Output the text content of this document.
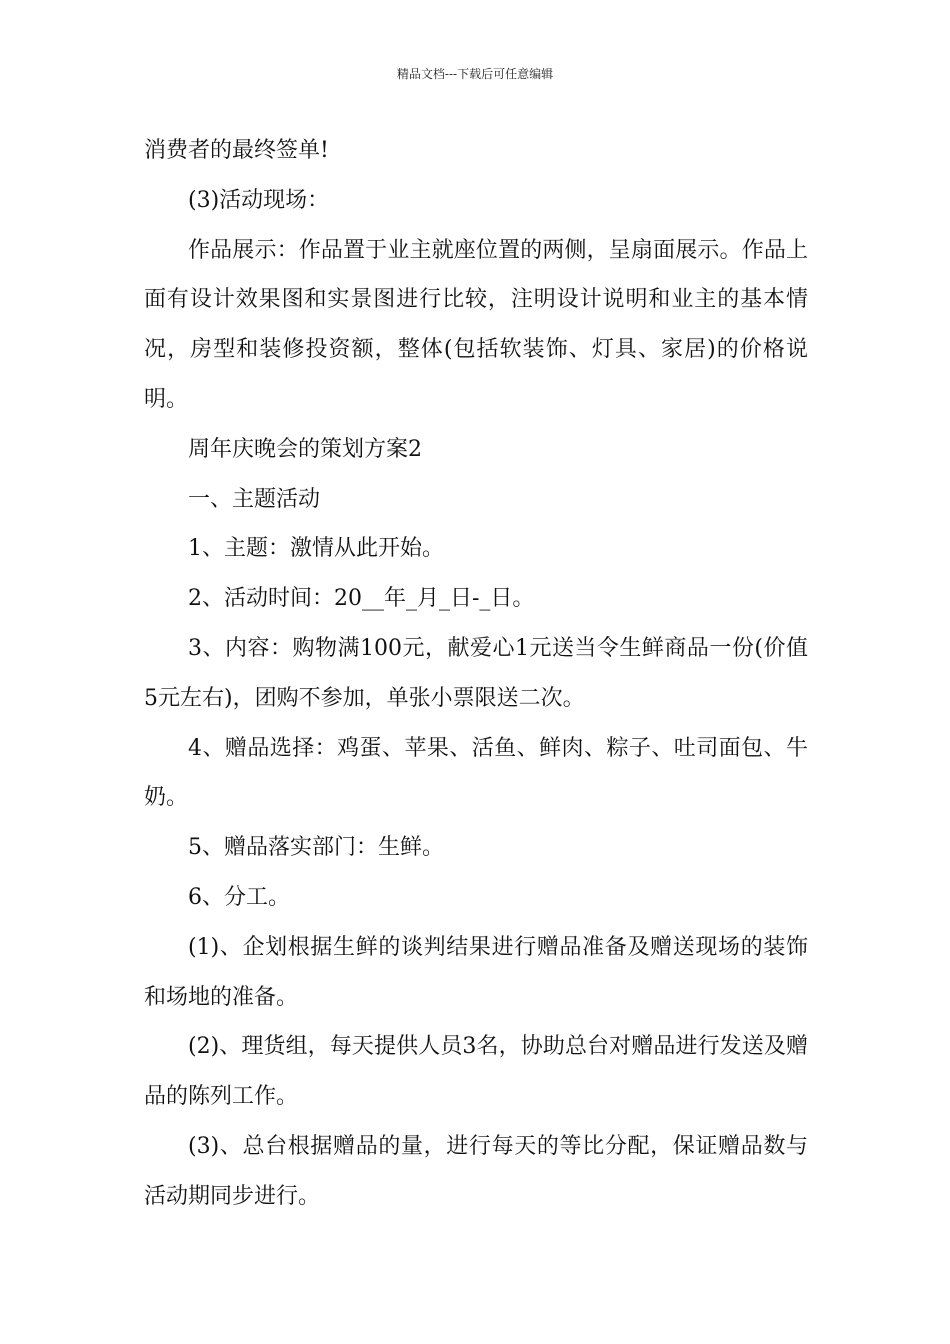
精品文档---下载后可任意编辑

消费者的最终签单!

(3)活动现场：

作品展示：作品置于业主就座位置的两侧，呈扇面展示。作品上面有设计效果图和实景图进行比较，注明设计说明和业主的基本情况，房型和装修投资额，整体(包括软装饰、灯具、家居)的价格说明。

周年庆晚会的策划方案2

一、主题活动

1、主题：激情从此开始。

2、活动时间：20__年_月_日-_日。

3、内容：购物满100元，献爱心1元送当令生鲜商品一份(价值5元左右)，团购不参加，单张小票限送二次。

4、赠品选择：鸡蛋、苹果、活鱼、鲜肉、粽子、吐司面包、牛奶。

5、赠品落实部门：生鲜。

6、分工。

(1)、企划根据生鲜的谈判结果进行赠品准备及赠送现场的装饰和场地的准备。

(2)、理货组，每天提供人员3名，协助总台对赠品进行发送及赠品的陈列工作。

(3)、总台根据赠品的量，进行每天的等比分配，保证赠品数与活动期同步进行。
